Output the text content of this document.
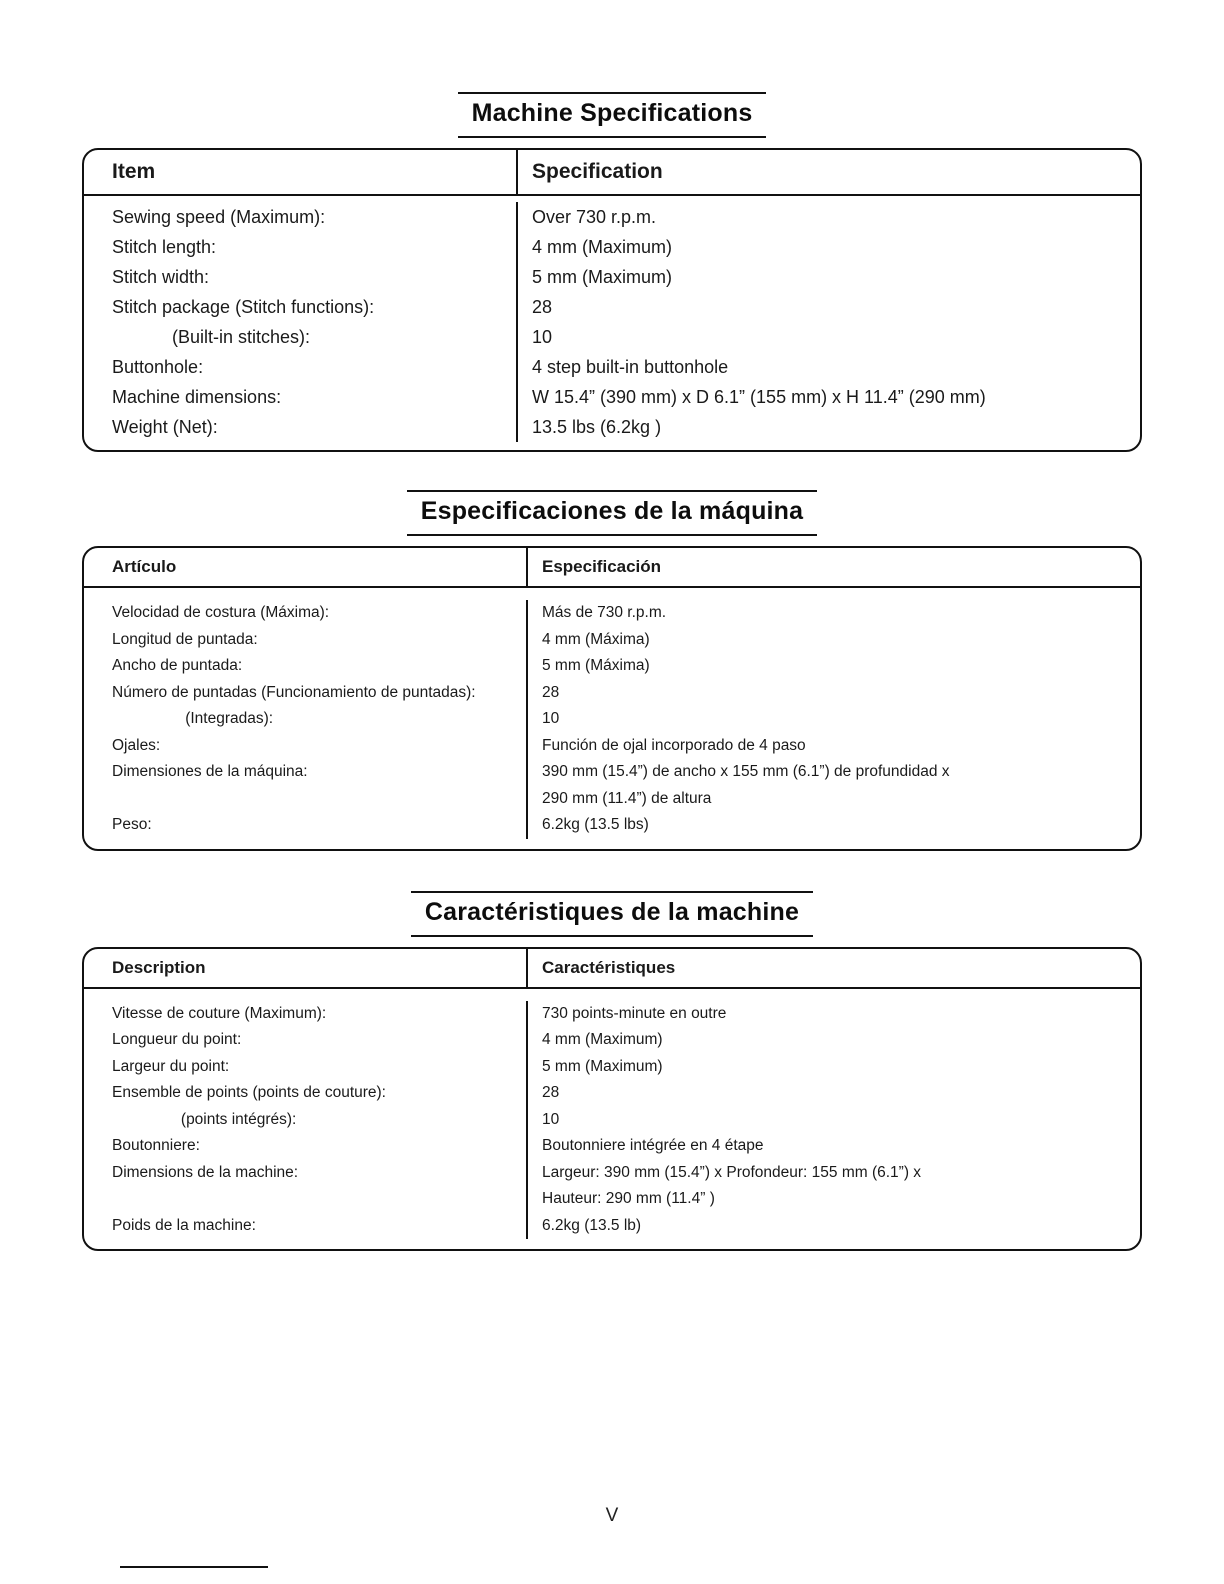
Machine Specifications
Item	Specification
Sewing speed (Maximum):	Over 730 r.p.m.
Stitch length:	4 mm (Maximum)
Stitch width:	5 mm (Maximum)
Stitch package (Stitch functions):	28
(Built-in stitches):	10
Buttonhole:	4 step built-in buttonhole
Machine dimensions:	W 15.4” (390 mm) x D 6.1” (155 mm) x H 11.4” (290 mm)
Weight (Net):	13.5 lbs (6.2kg )
Especificaciones de la máquina
Artículo	Especificación
Velocidad de costura (Máxima):	Más de 730 r.p.m.
Longitud de puntada:	4 mm (Máxima)
Ancho de puntada:	5 mm (Máxima)
Número de puntadas (Funcionamiento de puntadas):	28
(Integradas):	10
Ojales:	Función de ojal incorporado de 4 paso
Dimensiones de la máquina:	390 mm (15.4”) de ancho x 155 mm (6.1”) de profundidad x
290 mm (11.4”) de altura
Peso:	6.2kg (13.5 lbs)
Caractéristiques de la machine
Description	Caractéristiques
Vitesse de couture (Maximum):	730 points-minute en outre
Longueur du point:	4 mm (Maximum)
Largeur du point:	5 mm (Maximum)
Ensemble de points (points de couture):	28
(points intégrés):	10
Boutonniere:	Boutonniere intégrée en 4 étape
Dimensions de la machine:	Largeur: 390 mm (15.4”) x Profondeur: 155 mm (6.1”) x
Hauteur: 290 mm (11.4” )
Poids de la machine:	6.2kg (13.5 lb)
V
